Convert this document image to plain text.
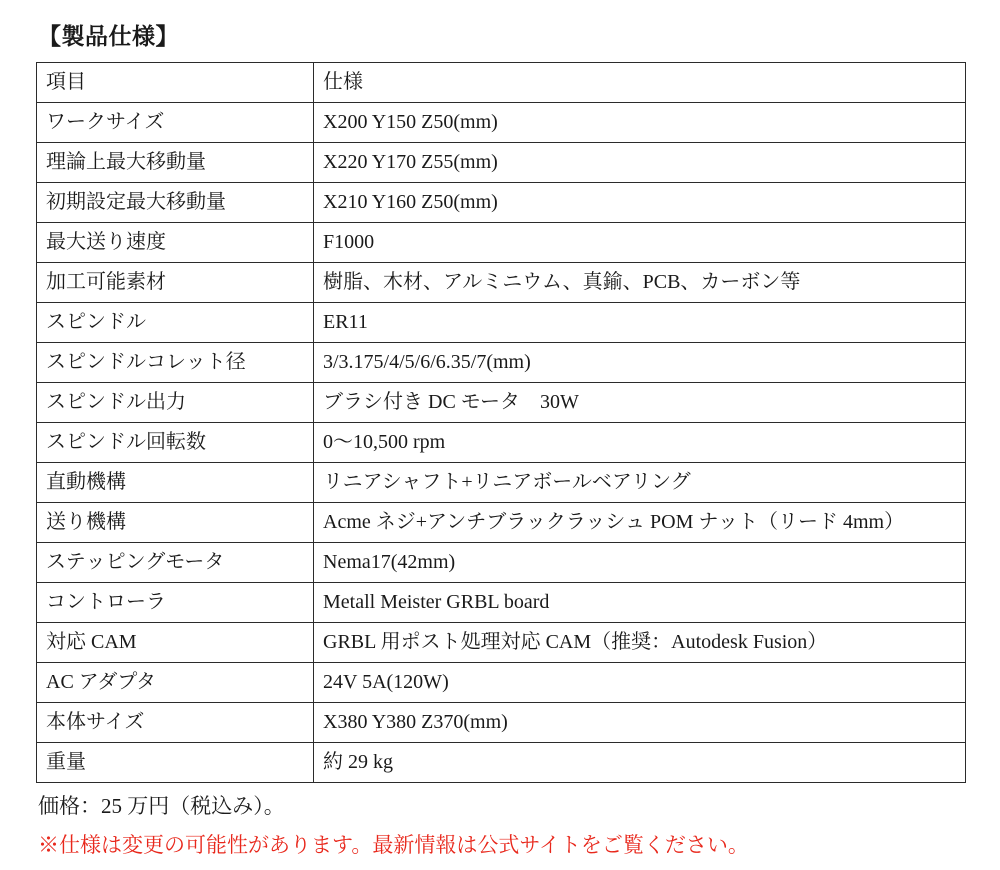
【製品仕様】
項目	仕様
ワークサイズ	X200 Y150 Z50(mm)
理論上最大移動量	X220 Y170 Z55(mm)
初期設定最大移動量	X210 Y160 Z50(mm)
最大送り速度	F1000
加工可能素材	樹脂、木材、アルミニウム、真鍮、PCB、カーボン等
スピンドル	ER11
スピンドルコレット径	3/3.175/4/5/6/6.35/7(mm)
スピンドル出力	ブラシ付き DC モータ　30W
スピンドル回転数	0〜10,500 rpm
直動機構	リニアシャフト+リニアボールベアリング
送り機構	Acme ネジ+アンチブラックラッシュ POM ナット（リード 4mm）
ステッピングモータ	Nema17(42mm)
コントローラ	Metall Meister GRBL board
対応 CAM	GRBL 用ポスト処理対応 CAM（推奨：Autodesk Fusion）
AC アダプタ	24V 5A(120W)
本体サイズ	X380 Y380 Z370(mm)
重量	約 29 kg
価格：25 万円（税込み）。
※仕様は変更の可能性があります。最新情報は公式サイトをご覧ください。
